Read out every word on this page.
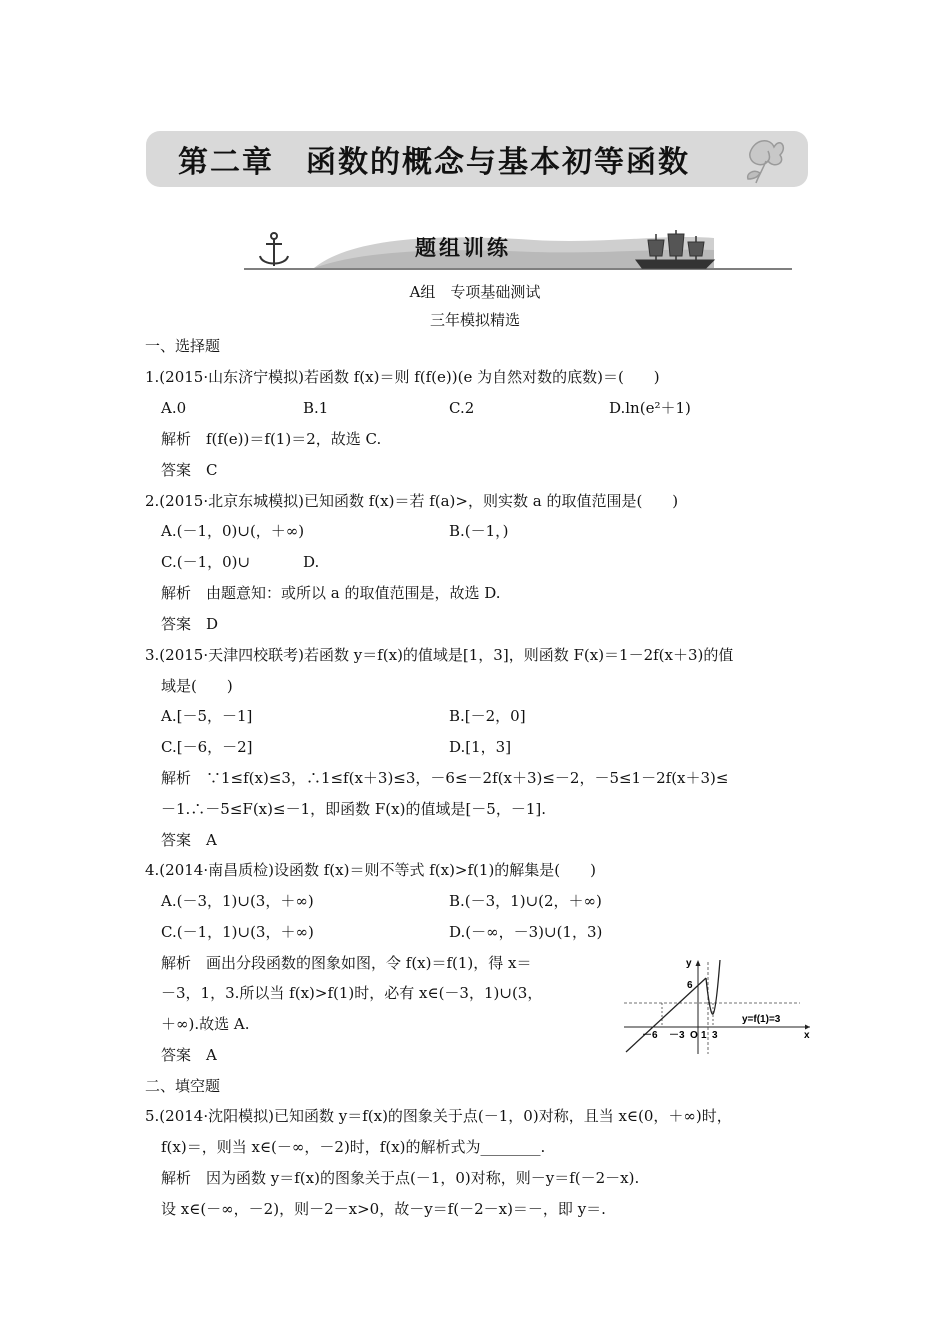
第二章　函数的概念与基本初等函数
题组训练
A组　专项基础测试
三年模拟精选
一、选择题
1.(2015·山东济宁模拟)若函数 f(x)＝则 f(f(e))(e 为自然对数的底数)＝(　　)
A.0	B.1	C.2	D.ln(e²＋1)
解析　f(f(e))＝f(1)＝2，故选 C.
答案　C
2.(2015·北京东城模拟)已知函数 f(x)＝若 f(a)>，则实数 a 的取值范围是(　　)
A.(－1，0)∪(，＋∞)	B.(－1，)
C.(－1，0)∪	D.
解析　由题意知：或所以 a 的取值范围是，故选 D.
答案　D
3.(2015·天津四校联考)若函数 y＝f(x)的值域是[1，3]，则函数 F(x)＝1－2f(x＋3)的值
域是(　　)
A.[－5，－1]	B.[－2，0]
C.[－6，－2]	D.[1，3]
解析　∵1≤f(x)≤3，∴1≤f(x＋3)≤3，－6≤－2f(x＋3)≤－2，－5≤1－2f(x＋3)≤
－1.∴－5≤F(x)≤－1，即函数 F(x)的值域是[－5，－1].
答案　A
4.(2014·南昌质检)设函数 f(x)＝则不等式 f(x)>f(1)的解集是(　　)
A.(－3，1)∪(3，＋∞)	B.(－3，1)∪(2，＋∞)
C.(－1，1)∪(3，＋∞)	D.(－∞，－3)∪(1，3)
解析　画出分段函数的图象如图，令 f(x)＝f(1)，得 x＝
－3，1，3.所以当 f(x)>f(1)时，必有 x∈(－3，1)∪(3，
＋∞).故选 A.
答案　A
二、填空题
5.(2014·沈阳模拟)已知函数 y＝f(x)的图象关于点(－1，0)对称，且当 x∈(0，＋∞)时，
f(x)＝，则当 x∈(－∞，－2)时，f(x)的解析式为________.
解析　因为函数 y＝f(x)的图象关于点(－1，0)对称，则－y＝f(－2－x).
设 x∈(－∞，－2)，则－2－x>0，故－y＝f(－2－x)＝－，即 y＝.
y
x
6
－6 －3 O 1 3
y=f(1)=3
